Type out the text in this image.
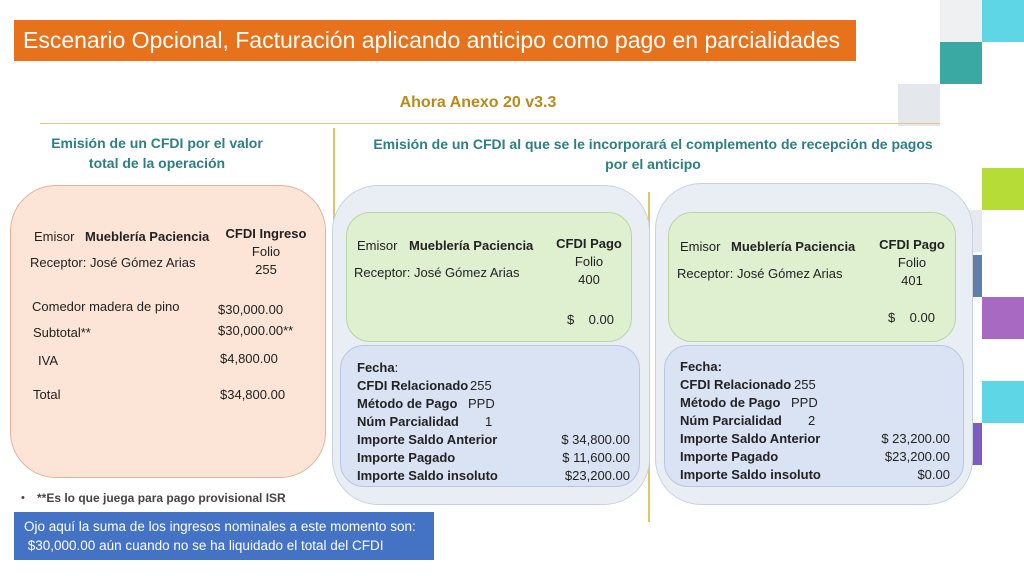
Escenario Opcional, Facturación aplicando anticipo como pago en parcialidades
Ahora Anexo 20 v3.3
Emisión de un CFDI por el valor
total de la operación
Emisión de un CFDI al que se le incorporará el complemento de recepción de pagos
por el anticipo
Emisor Mueblería Paciencia
Receptor: José Gómez Arias
CFDI Ingreso
Folio
255
Comedor madera de pino	$30,000.00
Subtotal**	$30,000.00**
IVA	$4,800.00
Total	$34,800.00
Emisor Mueblería Paciencia
Receptor: José Gómez Arias
CFDI Pago
Folio
400
$    0.00
Fecha:
CFDI Relacionado 255
Método de Pago PPD
Núm Parcialidad 1
Importe Saldo Anterior	$ 34,800.00
Importe Pagado	$ 11,600.00
Importe Saldo insoluto	$23,200.00
Emisor Mueblería Paciencia
Receptor: José Gómez Arias
CFDI Pago
Folio
401
$    0.00
Fecha:
CFDI Relacionado 255
Método de Pago PPD
Núm Parcialidad 2
Importe Saldo Anterior	$ 23,200.00
Importe Pagado	$23,200.00
Importe Saldo insoluto	$0.00
• **Es lo que juega para pago provisional ISR
Ojo aquí la suma de los ingresos nominales a este momento son:
$30,000.00 aún cuando no se ha liquidado el total del CFDI
